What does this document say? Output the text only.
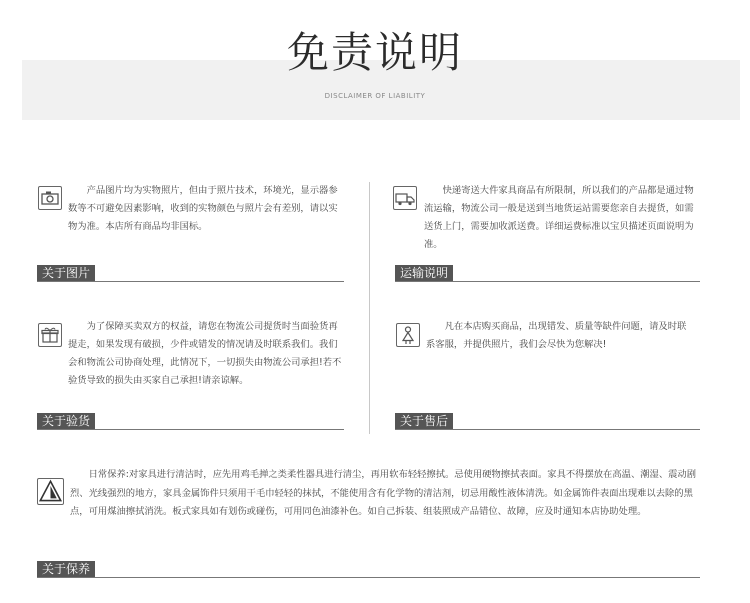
免责说明
DISCLAIMER OF LIABILITY

产品图片均为实物照片，但由于照片技术，环境光，显示器参数等不可避免因素影响，收到的实物颜色与照片会有差别，请以实物为准。本店所有商品均非国标。

关于图片

快递寄送大件家具商品有所限制，所以我们的产品都是通过物流运输，物流公司一般是送到当地货运站需要您亲自去提货，如需送货上门，需要加收派送费。详细运费标准以宝贝描述页面说明为准。

运输说明

为了保障买卖双方的权益，请您在物流公司提货时当面验货再提走，如果发现有破损，少件或错发的情况请及时联系我们。我们会和物流公司协商处理，此情况下，一切损失由物流公司承担!若不验货导致的损失由买家自己承担!请亲谅解。

关于验货

凡在本店购买商品，出现错发、质量等缺件问题，请及时联系客服，并提供照片，我们会尽快为您解决!

关于售后

日常保养:对家具进行清洁时，应先用鸡毛掸之类柔性器具进行清尘，再用软布轻轻擦拭。忌使用硬物擦拭表面。家具不得摆放在高温、潮湿、震动剧烈、光线强烈的地方，家具金属饰件只须用干毛巾轻轻的抹拭，不能使用含有化学物的清洁剂，切忌用酸性液体清洗。如金属饰件表面出现难以去除的黑点，可用煤油擦拭消洗。板式家具如有划伤或碰伤，可用同色油漆补色。如自己拆装、组装照成产品错位、故障，应及时通知本店协助处理。

关于保养
